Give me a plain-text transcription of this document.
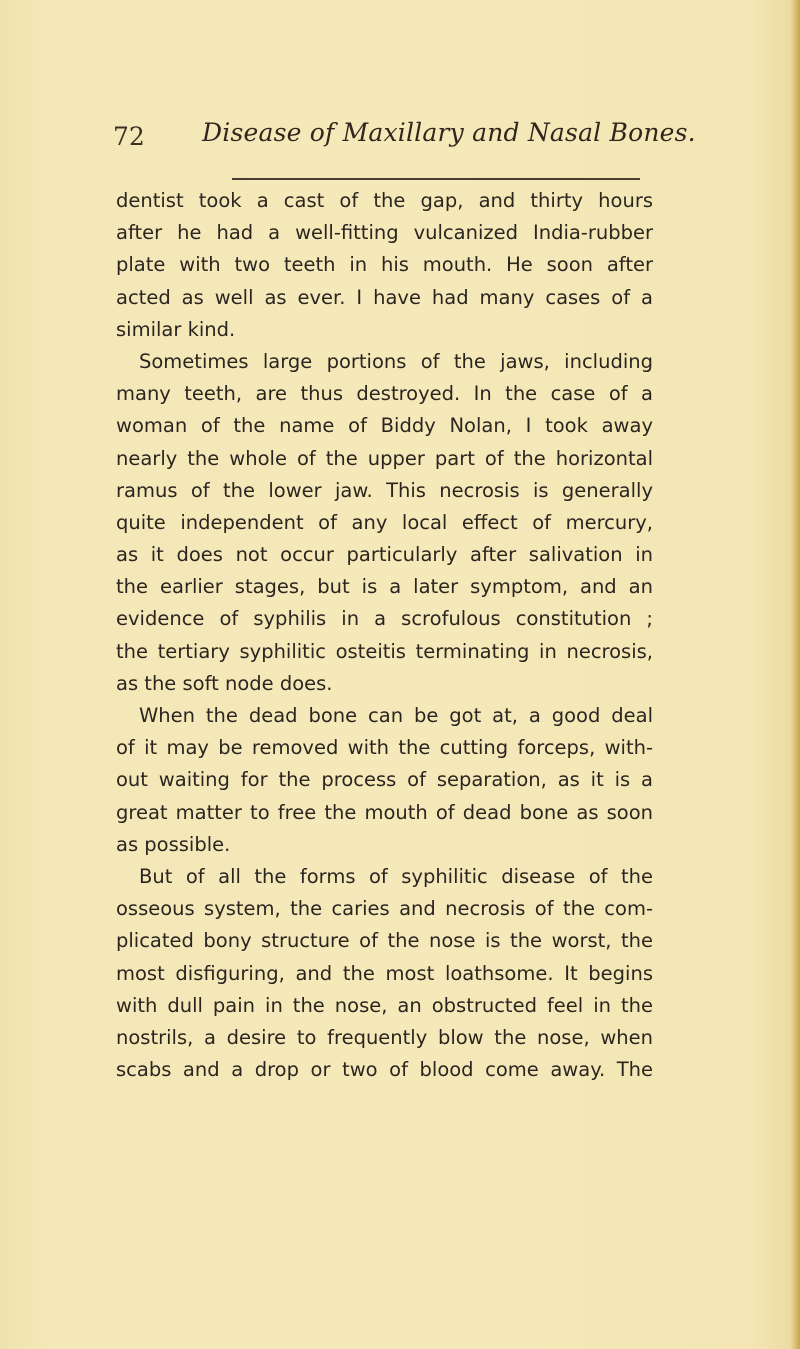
72 Disease of Maxillary and Nasal Bones.
dentist took a cast of the gap, and thirty hours
after he had a well-fitting vulcanized India-rubber
plate with two teeth in his mouth. He soon after
acted as well as ever. I have had many cases of a
similar kind.
Sometimes large portions of the jaws, including
many teeth, are thus destroyed. In the case of a
woman of the name of Biddy Nolan, I took away
nearly the whole of the upper part of the horizontal
ramus of the lower jaw. This necrosis is generally
quite independent of any local effect of mercury,
as it does not occur particularly after salivation in
the earlier stages, but is a later symptom, and an
evidence of syphilis in a scrofulous constitution ;
the tertiary syphilitic osteitis terminating in necrosis,
as the soft node does.
When the dead bone can be got at, a good deal
of it may be removed with the cutting forceps, with-
out waiting for the process of separation, as it is a
great matter to free the mouth of dead bone as soon
as possible.
But of all the forms of syphilitic disease of the
osseous system, the caries and necrosis of the com-
plicated bony structure of the nose is the worst, the
most disfiguring, and the most loathsome. It begins
with dull pain in the nose, an obstructed feel in the
nostrils, a desire to frequently blow the nose, when
scabs and a drop or two of blood come away. The
